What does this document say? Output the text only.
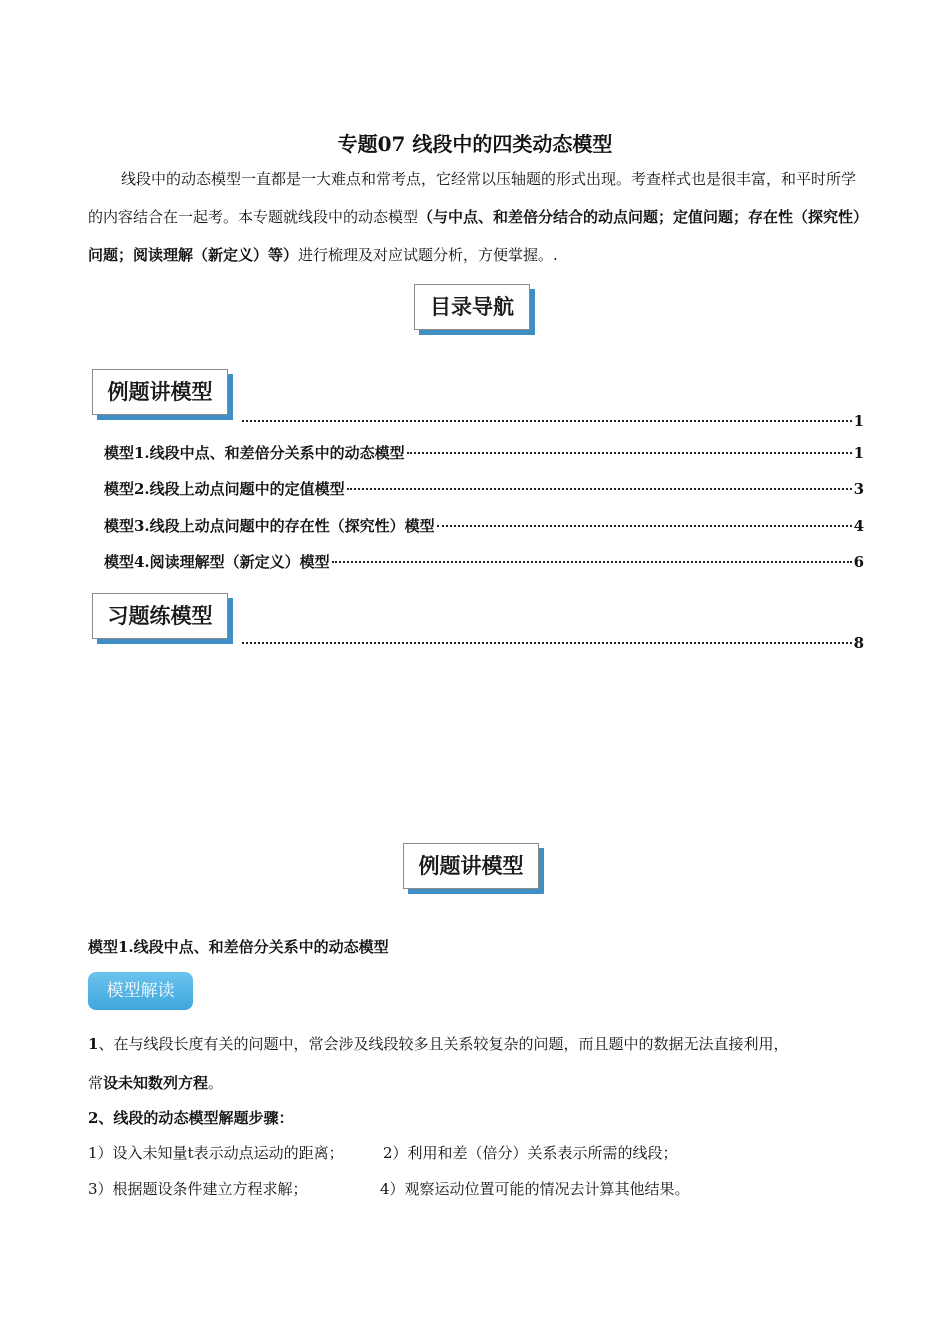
专题07 线段中的四类动态模型
线段中的动态模型一直都是一大难点和常考点，它经常以压轴题的形式出现。考查样式也是很丰富，和平时所学的内容结合在一起考。本专题就线段中的动态模型（与中点、和差倍分结合的动点问题；定值问题；存在性（探究性）问题；阅读理解（新定义）等）进行梳理及对应试题分析，方便掌握。.
目录导航
例题讲模型
1
模型1.线段中点、和差倍分关系中的动态模型	1
模型2.线段上动点问题中的定值模型	3
模型3.线段上动点问题中的存在性（探究性）模型	4
模型4.阅读理解型（新定义）模型	6
习题练模型
8
例题讲模型
模型1.线段中点、和差倍分关系中的动态模型
模型解读
1、在与线段长度有关的问题中，常会涉及线段较多且关系较复杂的问题，而且题中的数据无法直接利用，
常设未知数列方程。
2、线段的动态模型解题步骤：
1）设入未知量t表示动点运动的距离；	2）利用和差（倍分）关系表示所需的线段；
3）根据题设条件建立方程求解；	4）观察运动位置可能的情况去计算其他结果。
